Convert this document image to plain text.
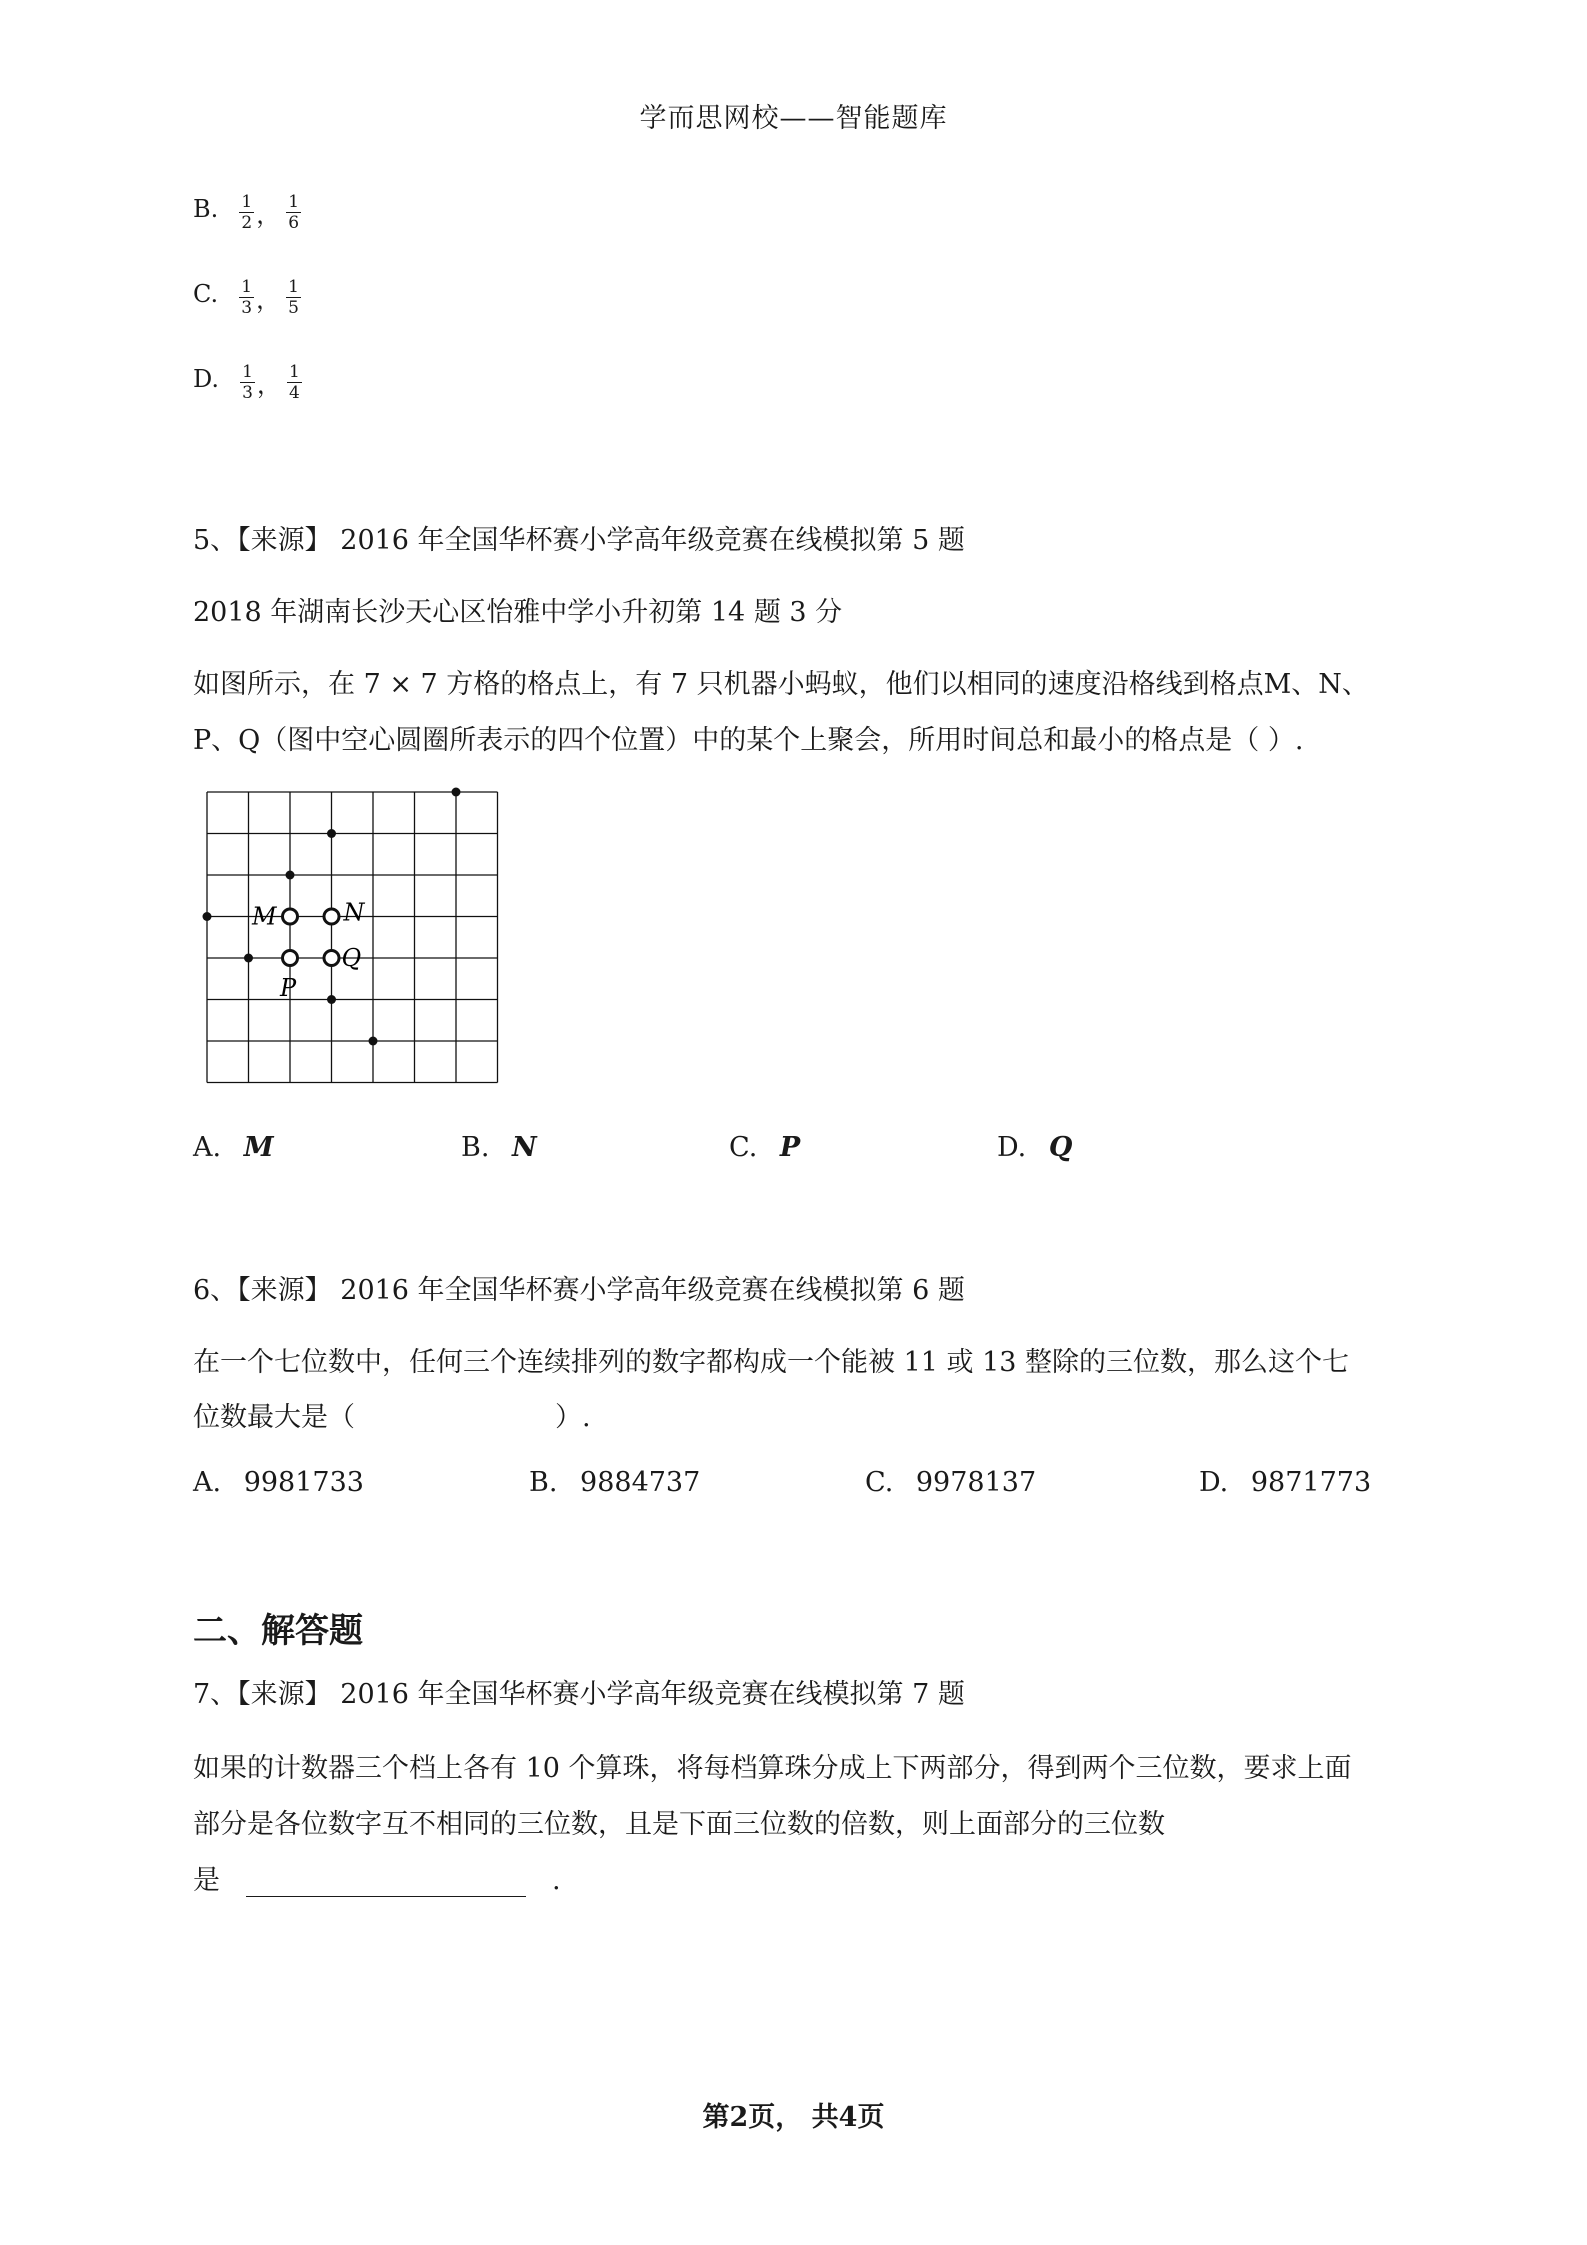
学而思网校——智能题库
B. $\frac{1}{2}$ ， $\frac{1}{6}$
C. $\frac{1}{3}$ ， $\frac{1}{5}$
D. $\frac{1}{3}$ ， $\frac{1}{4}$
5、【来源】 2016 年全国华杯赛小学高年级竞赛在线模拟第 5 题
2018 年湖南长沙天心区怡雅中学小升初第 14 题 3 分
如图所示，在 7 × 7 方格的格点上，有 7 只机器小蚂蚁，他们以相同的速度沿格线到格点M、N、
P、Q（图中空心圆圈所表示的四个位置）中的某个上聚会，所用时间总和最小的格点是（ ）.
M	N
P
Q
A. M	B. N	C. P	D. Q
6、【来源】 2016 年全国华杯赛小学高年级竞赛在线模拟第 6 题
在一个七位数中，任何三个连续排列的数字都构成一个能被 11 或 13 整除的三位数，那么这个七
位数最大是（	）.
A. 9981733	B. 9884737	C. 9978137	D. 9871773
二、解答题
7、【来源】 2016 年全国华杯赛小学高年级竞赛在线模拟第 7 题
如果的计数器三个档上各有 10 个算珠，将每档算珠分成上下两部分，得到两个三位数，要求上面
部分是各位数字互不相同的三位数，且是下面三位数的倍数，则上面部分的三位数
是	.
第2页， 共4页
